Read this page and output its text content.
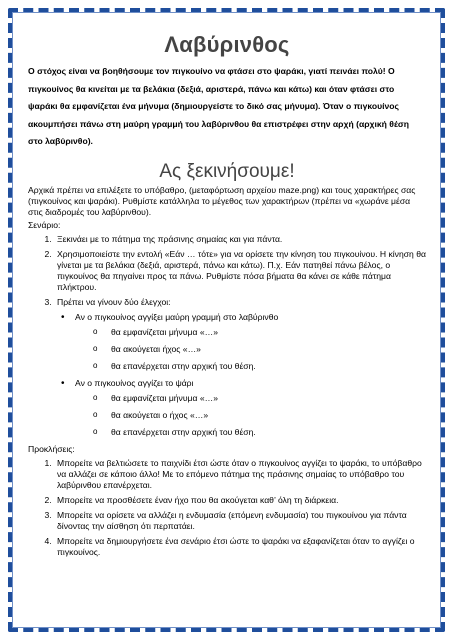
Λαβύρινθος

Ο στόχος είναι να βοηθήσουμε τον πιγκουίνο να φτάσει στο ψαράκι, γιατί πεινάει πολύ! Ο πιγκουίνος θα κινείται με τα βελάκια (δεξιά, αριστερά, πάνω και κάτω) και όταν φτάσει στο ψαράκι θα εμφανίζεται ένα μήνυμα (δημιουργείστε το δικό σας μήνυμα). Όταν ο πιγκουίνος ακουμπήσει πάνω στη μαύρη γραμμή του λαβύρινθου θα επιστρέφει στην αρχή (αρχική θέση στο λαβύρινθο).

Ας ξεκινήσουμε!

Αρχικά πρέπει να επιλέξετε το υπόβαθρο, (μεταφόρτωση αρχείου maze.png) και τους χαρακτήρες σας (πιγκουίνος και ψαράκι). Ρυθμίστε κατάλληλα το μέγεθος των χαρακτήρων (πρέπει να «χωράνε μέσα στις διαδρομές του λαβύρινθου).

Σενάριο:

1. Ξεκινάει με το πάτημα της πράσινης σημαίας και για πάντα.
2. Χρησιμοποιείστε την εντολή «Εάν … τότε» για να ορίσετε την κίνηση του πιγκουίνου. Η κίνηση θα γίνεται με τα βελάκια (δεξιά, αριστερά, πάνω και κάτω). Π.χ. Εάν πατηθεί πάνω βέλος, ο πιγκουίνος θα πηγαίνει προς τα πάνω. Ρυθμίστε πόσα βήματα θα κάνει σε κάθε πάτημα πλήκτρου.
3. Πρέπει να γίνουν δύο έλεγχοι:
• Αν ο πιγκουίνος αγγίξει μαύρη γραμμή στο λαβύρινθο
o θα εμφανίζεται μήνυμα «…»
o θα ακούγεται ήχος «…»
o θα επανέρχεται στην αρχική του θέση.
• Αν ο πιγκουίνος αγγίζει το ψάρι
o θα εμφανίζεται μήνυμα «…»
o θα ακούγεται ο ήχος «…»
o θα επανέρχεται στην αρχική του θέση.

Προκλήσεις:

1. Μπορείτε να βελτιώσετε το παιχνίδι έτσι ώστε όταν ο πιγκουίνος αγγίζει το ψαράκι, το υπόβαθρο να αλλάζει σε κάποιο άλλο! Με το επόμενο πάτημα της πράσινης σημαίας το υπόβαθρο του λαβύρινθου επανέρχεται.
2. Μπορείτε να προσθέσετε έναν ήχο που θα ακούγεται καθ’ όλη τη διάρκεια.
3. Μπορείτε να ορίσετε να αλλάζει η ενδυμασία (επόμενη ενδυμασία) του πιγκουίνου για πάντα δίνοντας την αίσθηση ότι περπατάει.
4. Μπορείτε να δημιουργήσετε ένα σενάριο έτσι ώστε το ψαράκι να εξαφανίζεται όταν το αγγίζει ο πιγκουίνος.
